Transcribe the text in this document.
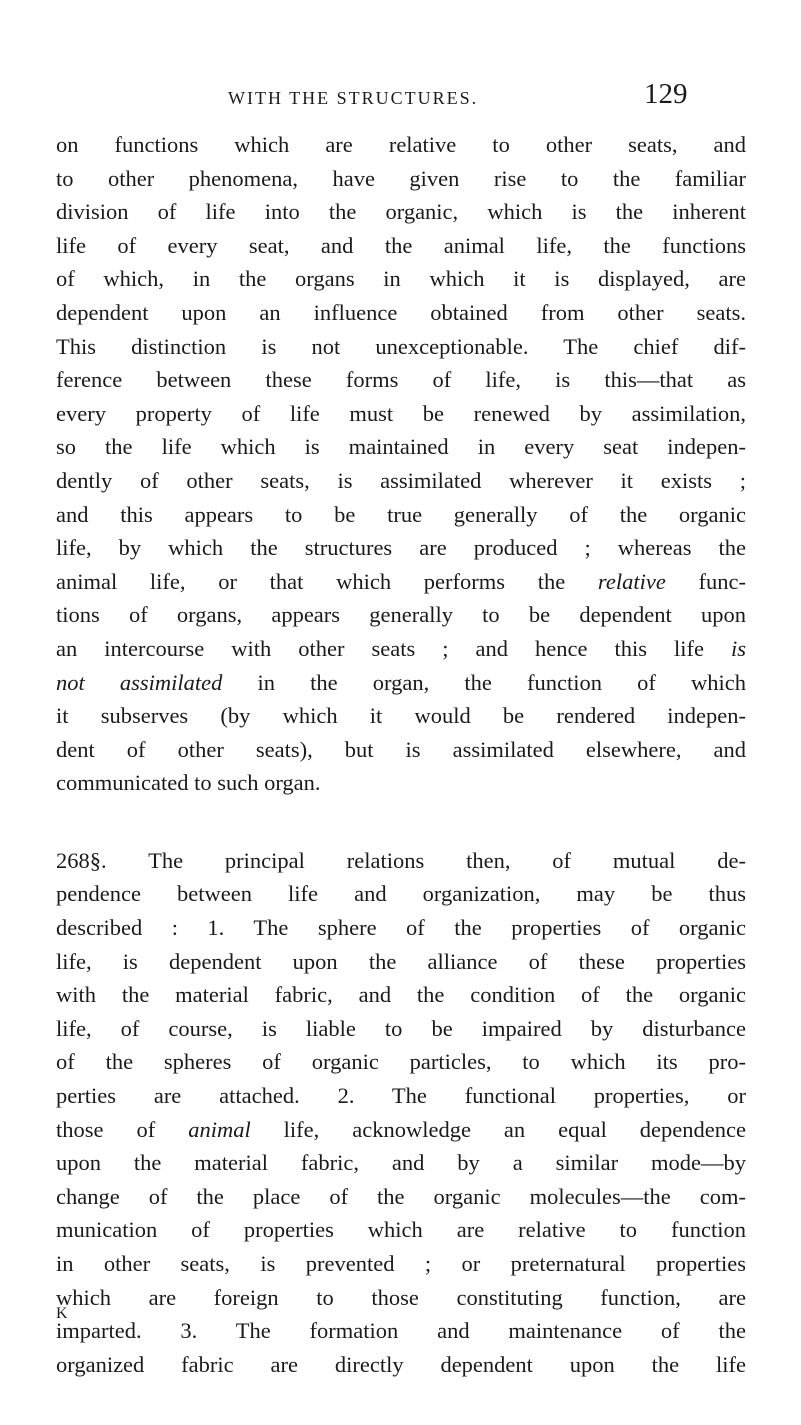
WITH THE STRUCTURES.	129
on functions which are relative to other seats, and
to other phenomena, have given rise to the familiar
division of life into the organic, which is the inherent
life of every seat, and the animal life, the functions
of which, in the organs in which it is displayed, are
dependent upon an influence obtained from other seats.
This distinction is not unexceptionable. The chief dif-
ference between these forms of life, is this—that as
every property of life must be renewed by assimilation,
so the life which is maintained in every seat indepen-
dently of other seats, is assimilated wherever it exists ;
and this appears to be true generally of the organic
life, by which the structures are produced ; whereas the
animal life, or that which performs the relative func-
tions of organs, appears generally to be dependent upon
an intercourse with other seats ; and hence this life is
not assimilated in the organ, the function of which
it subserves (by which it would be rendered indepen-
dent of other seats), but is assimilated elsewhere, and
communicated to such organ.
268§. The principal relations then, of mutual de-
pendence between life and organization, may be thus
described : 1. The sphere of the properties of organic
life, is dependent upon the alliance of these properties
with the material fabric, and the condition of the organic
life, of course, is liable to be impaired by disturbance
of the spheres of organic particles, to which its pro-
perties are attached. 2. The functional properties, or
those of animal life, acknowledge an equal dependence
upon the material fabric, and by a similar mode—by
change of the place of the organic molecules—the com-
munication of properties which are relative to function
in other seats, is prevented ; or preternatural properties
which are foreign to those constituting function, are
imparted. 3. The formation and maintenance of the
organized fabric are directly dependent upon the life
K
